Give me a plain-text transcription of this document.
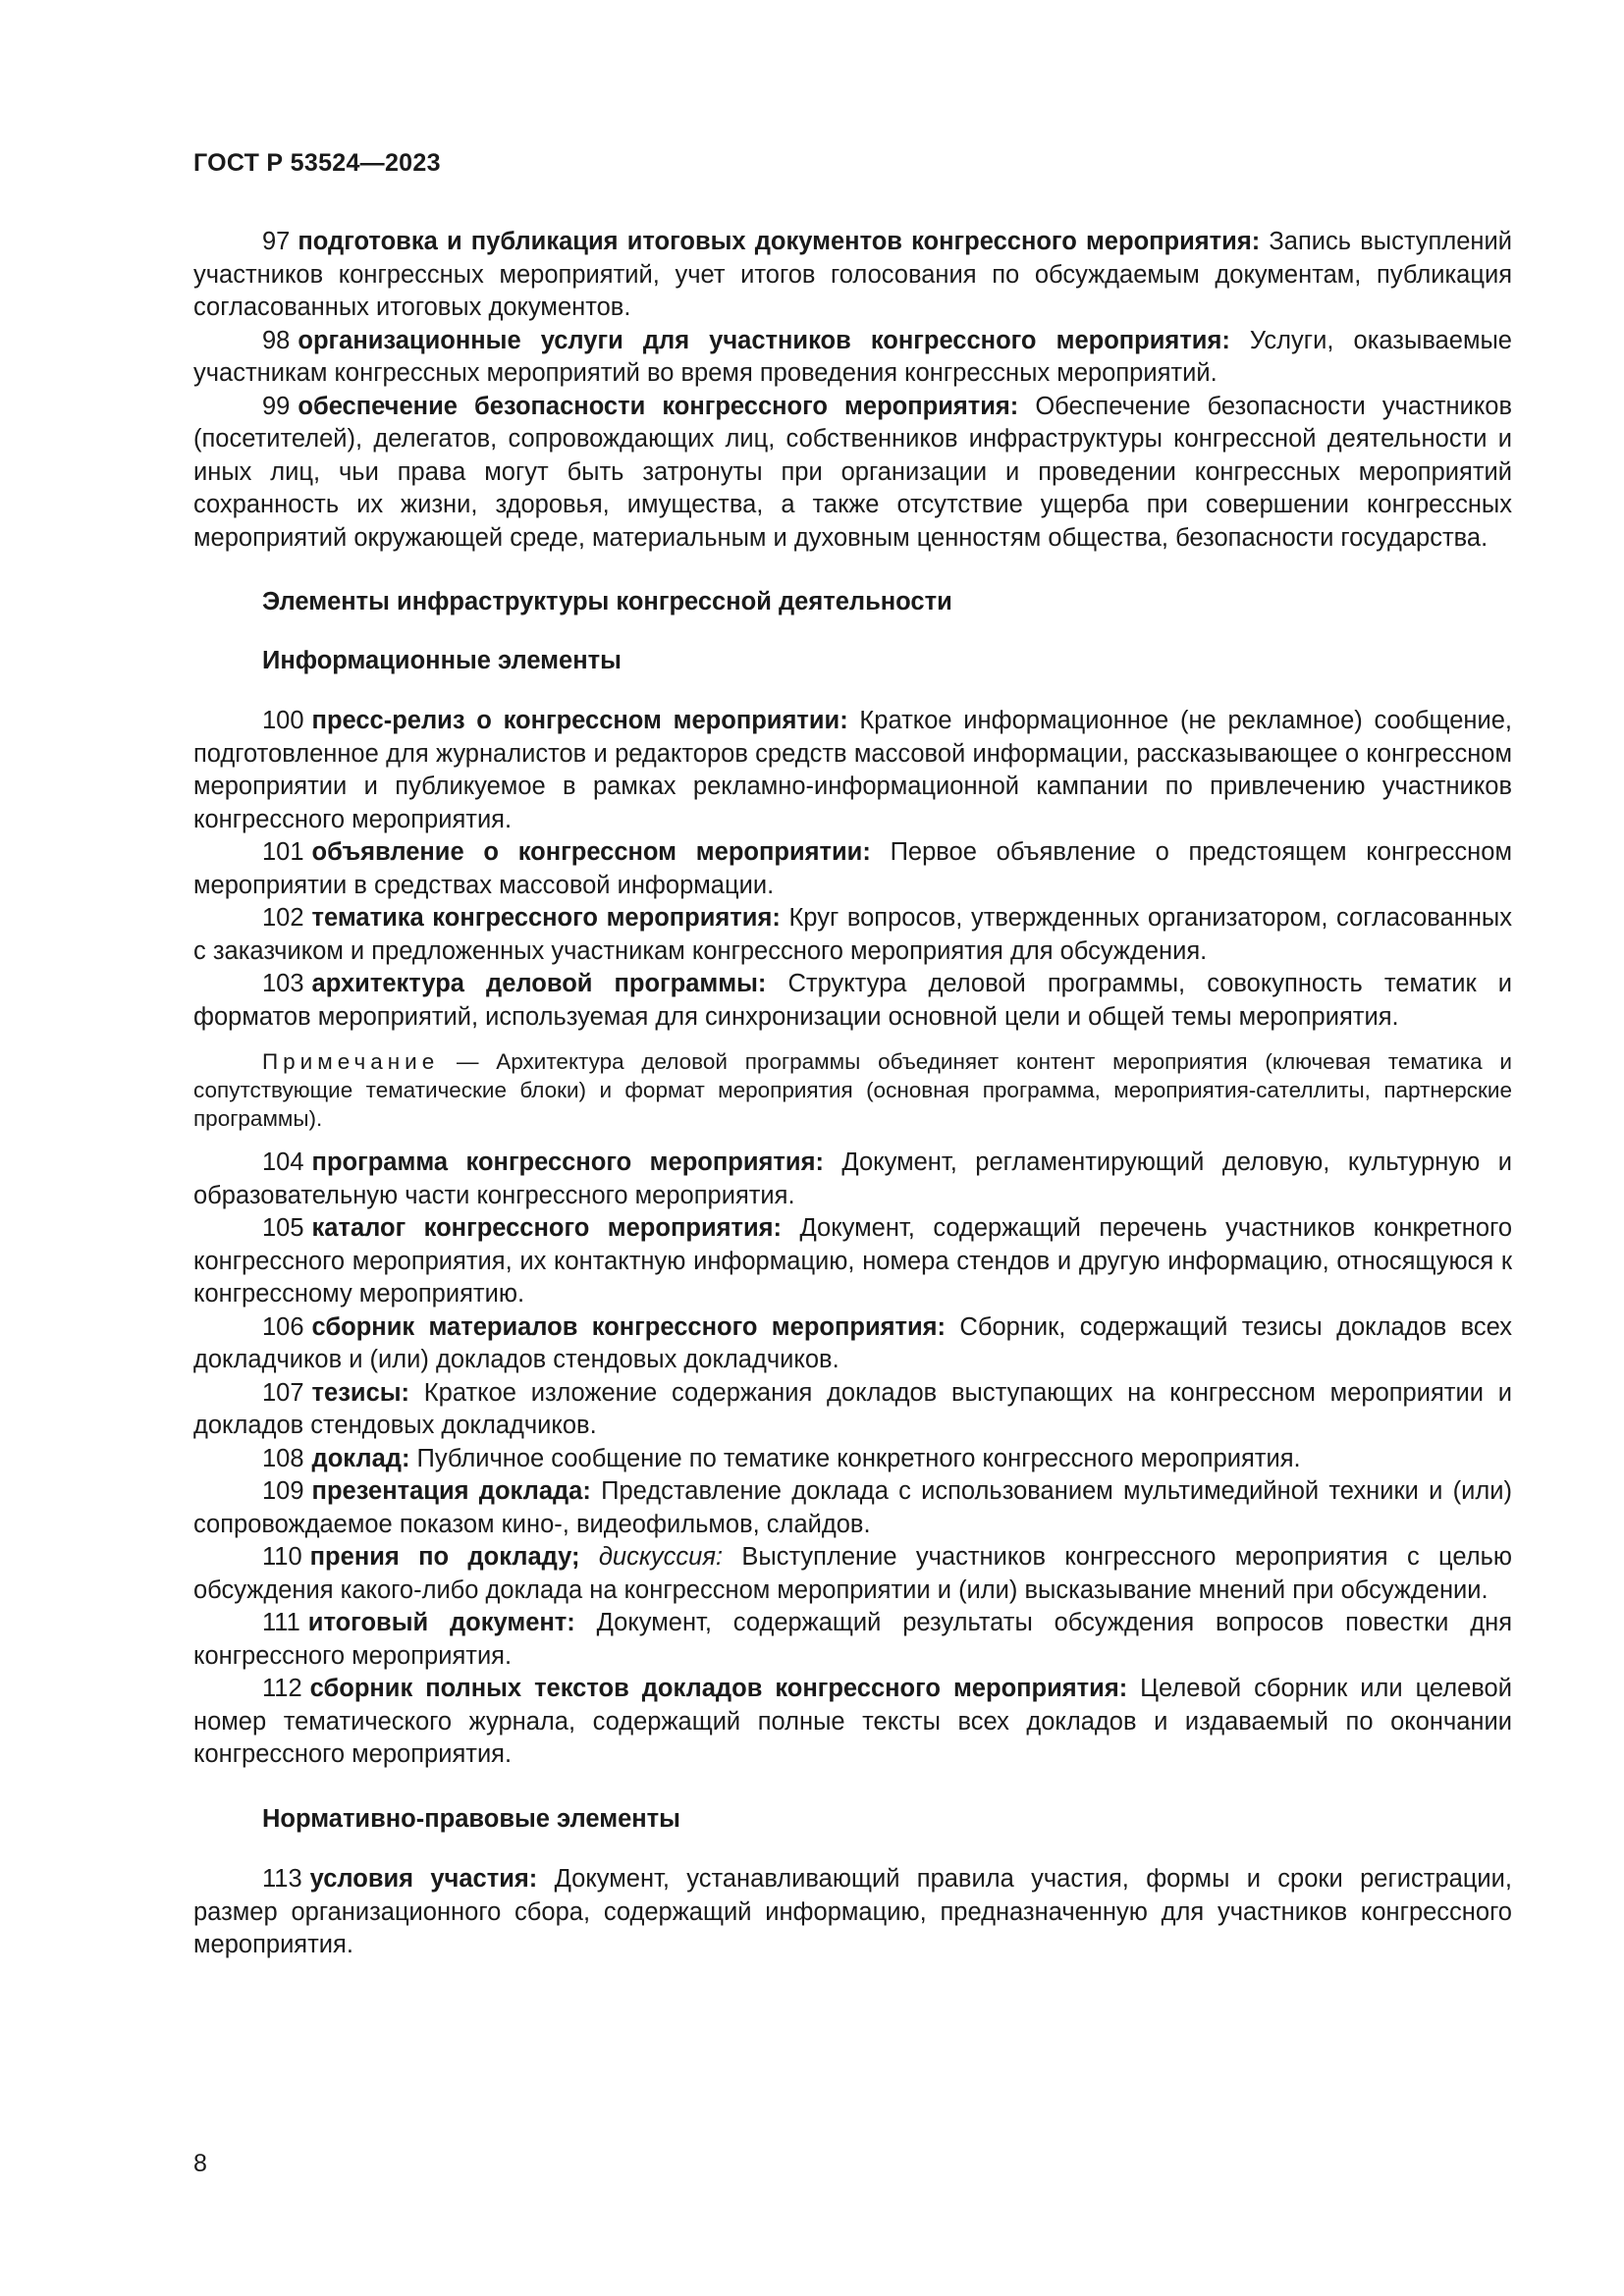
ГОСТ Р 53524—2023

97 подготовка и публикация итоговых документов конгрессного мероприятия: Запись выступлений участников конгрессных мероприятий, учет итогов голосования по обсуждаемым документам, публикация согласованных итоговых документов.

98 организационные услуги для участников конгрессного мероприятия: Услуги, оказываемые участникам конгрессных мероприятий во время проведения конгрессных мероприятий.

99 обеспечение безопасности конгрессного мероприятия: Обеспечение безопасности участников (посетителей), делегатов, сопровождающих лиц, собственников инфраструктуры конгрессной деятельности и иных лиц, чьи права могут быть затронуты при организации и проведении конгрессных мероприятий сохранность их жизни, здоровья, имущества, а также отсутствие ущерба при совершении конгрессных мероприятий окружающей среде, материальным и духовным ценностям общества, безопасности государства.

Элементы инфраструктуры конгрессной деятельности

Информационные элементы

100 пресс-релиз о конгрессном мероприятии: Краткое информационное (не рекламное) сообщение, подготовленное для журналистов и редакторов средств массовой информации, рассказывающее о конгрессном мероприятии и публикуемое в рамках рекламно-информационной кампании по привлечению участников конгрессного мероприятия.

101 объявление о конгрессном мероприятии: Первое объявление о предстоящем конгрессном мероприятии в средствах массовой информации.

102 тематика конгрессного мероприятия: Круг вопросов, утвержденных организатором, согласованных с заказчиком и предложенных участникам конгрессного мероприятия для обсуждения.

103 архитектура деловой программы: Структура деловой программы, совокупность тематик и форматов мероприятий, используемая для синхронизации основной цели и общей темы мероприятия.

Примечание — Архитектура деловой программы объединяет контент мероприятия (ключевая тематика и сопутствующие тематические блоки) и формат мероприятия (основная программа, мероприятия-сателлиты, партнерские программы).

104 программа конгрессного мероприятия: Документ, регламентирующий деловую, культурную и образовательную части конгрессного мероприятия.

105 каталог конгрессного мероприятия: Документ, содержащий перечень участников конкретного конгрессного мероприятия, их контактную информацию, номера стендов и другую информацию, относящуюся к конгрессному мероприятию.

106 сборник материалов конгрессного мероприятия: Сборник, содержащий тезисы докладов всех докладчиков и (или) докладов стендовых докладчиков.

107 тезисы: Краткое изложение содержания докладов выступающих на конгрессном мероприятии и докладов стендовых докладчиков.

108 доклад: Публичное сообщение по тематике конкретного конгрессного мероприятия.

109 презентация доклада: Представление доклада с использованием мультимедийной техники и (или) сопровождаемое показом кино-, видеофильмов, слайдов.

110 прения по докладу; дискуссия: Выступление участников конгрессного мероприятия с целью обсуждения какого-либо доклада на конгрессном мероприятии и (или) высказывание мнений при обсуждении.

111 итоговый документ: Документ, содержащий результаты обсуждения вопросов повестки дня конгрессного мероприятия.

112 сборник полных текстов докладов конгрессного мероприятия: Целевой сборник или целевой номер тематического журнала, содержащий полные тексты всех докладов и издаваемый по окончании конгрессного мероприятия.

Нормативно-правовые элементы

113 условия участия: Документ, устанавливающий правила участия, формы и сроки регистрации, размер организационного сбора, содержащий информацию, предназначенную для участников конгрессного мероприятия.

8
